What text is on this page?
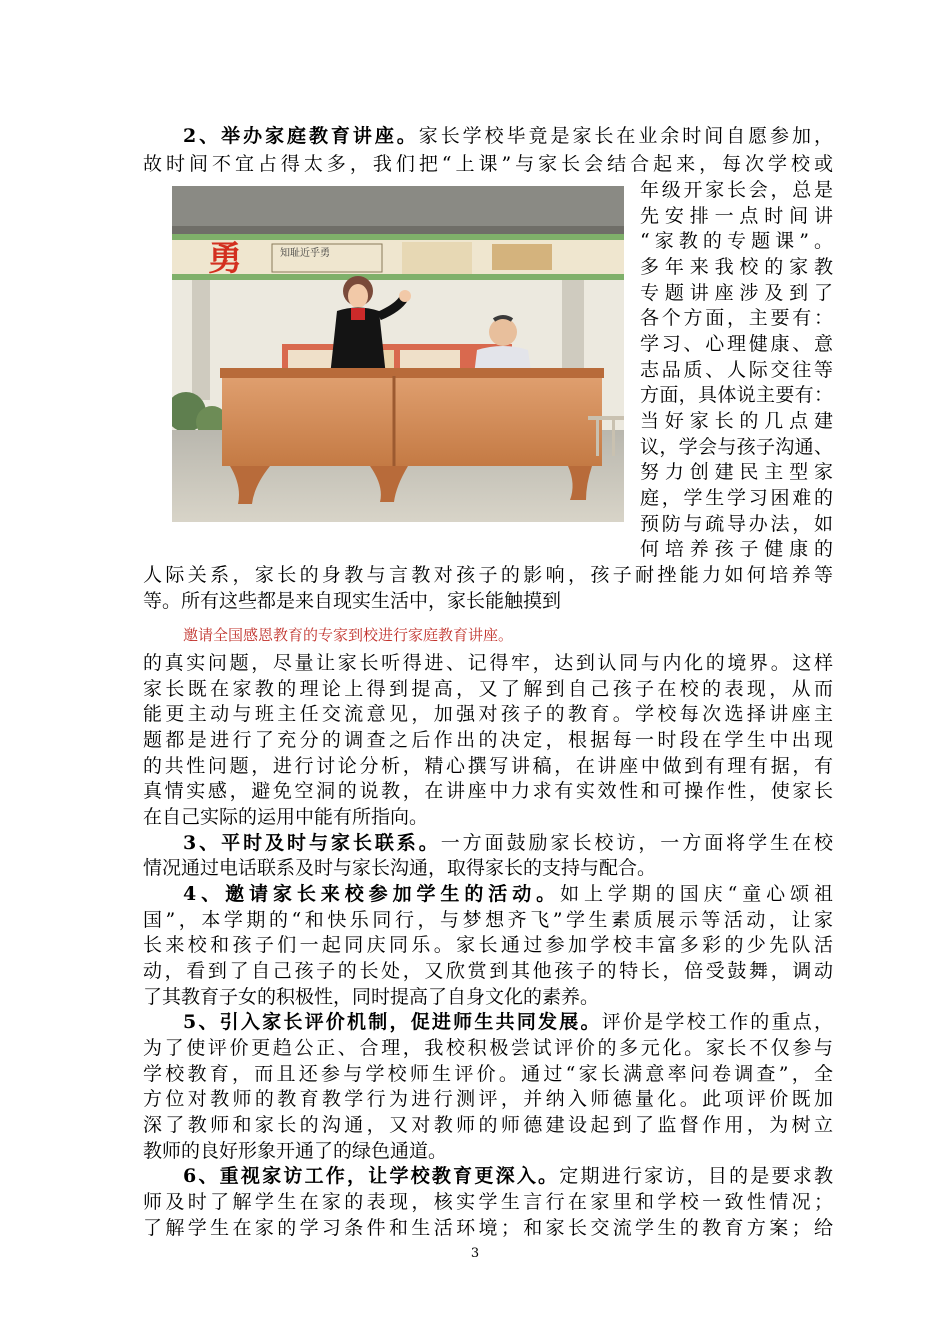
2、举办家庭教育讲座。家长学校毕竟是家长在业余时间自愿参加，
故时间不宜占得太多，我们把“上课”与家长会结合起来，每次学校或
年级开家长会，总是
先安排一点时间讲
“家教的专题课”。
多年来我校的家教
专题讲座涉及到了
各个方面，主要有：
学习、心理健康、意
志品质、人际交往等
方面，具体说主要有：
当好家长的几点建
议，学会与孩子沟通、
努力创建民主型家
庭，学生学习困难的
预防与疏导办法，如
何培养孩子健康的
人际关系，家长的身教与言教对孩子的影响，孩子耐挫能力如何培养等
等。所有这些都是来自现实生活中，家长能触摸到
勇	知耻近乎勇
邀请全国感恩教育的专家到校进行家庭教育讲座。
的真实问题，尽量让家长听得进、记得牢，达到认同与内化的境界。这样
家长既在家教的理论上得到提高，又了解到自己孩子在校的表现，从而
能更主动与班主任交流意见，加强对孩子的教育。学校每次选择讲座主
题都是进行了充分的调查之后作出的决定，根据每一时段在学生中出现
的共性问题，进行讨论分析，精心撰写讲稿，在讲座中做到有理有据，有
真情实感，避免空洞的说教，在讲座中力求有实效性和可操作性，使家长
在自己实际的运用中能有所指向。
3、平时及时与家长联系。一方面鼓励家长校访，一方面将学生在校
情况通过电话联系及时与家长沟通，取得家长的支持与配合。
4、邀请家长来校参加学生的活动。如上学期的国庆“童心颂祖
国”，本学期的“和快乐同行，与梦想齐飞”学生素质展示等活动，让家
长来校和孩子们一起同庆同乐。家长通过参加学校丰富多彩的少先队活
动，看到了自己孩子的长处，又欣赏到其他孩子的特长，倍受鼓舞，调动
了其教育子女的积极性，同时提高了自身文化的素养。
5、引入家长评价机制，促进师生共同发展。评价是学校工作的重点，
为了使评价更趋公正、合理，我校积极尝试评价的多元化。家长不仅参与
学校教育，而且还参与学校师生评价。通过“家长满意率问卷调查”，全
方位对教师的教育教学行为进行测评，并纳入师德量化。此项评价既加
深了教师和家长的沟通，又对教师的师德建设起到了监督作用，为树立
教师的良好形象开通了的绿色通道。
6、重视家访工作，让学校教育更深入。定期进行家访，目的是要求教
师及时了解学生在家的表现，核实学生言行在家里和学校一致性情况；
了解学生在家的学习条件和生活环境；和家长交流学生的教育方案；给
3
